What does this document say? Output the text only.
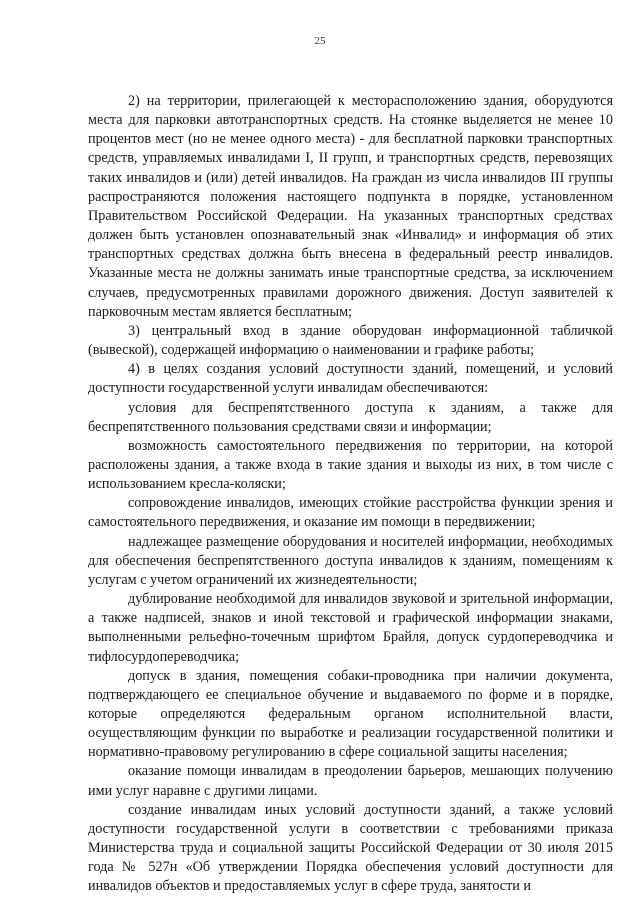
25

2) на территории, прилегающей к месторасположению здания, оборудуются места для парковки автотранспортных средств. На стоянке выделяется не менее 10 процентов мест (но не менее одного места) - для бесплатной парковки транспортных средств, управляемых инвалидами I, II групп, и транспортных средств, перевозящих таких инвалидов и (или) детей инвалидов. На граждан из числа инвалидов III группы распространяются положения настоящего подпункта в порядке, установленном Правительством Российской Федерации. На указанных транспортных средствах должен быть установлен опознавательный знак «Инвалид» и информация об этих транспортных средствах должна быть внесена в федеральный реестр инвалидов. Указанные места не должны занимать иные транспортные средства, за исключением случаев, предусмотренных правилами дорожного движения. Доступ заявителей к парковочным местам является бесплатным;

3) центральный вход в здание оборудован информационной табличкой (вывеской), содержащей информацию о наименовании и графике работы;

4) в целях создания условий доступности зданий, помещений, и условий доступности государственной услуги инвалидам обеспечиваются:

условия для беспрепятственного доступа к зданиям, а также для беспрепятственного пользования средствами связи и информации;

возможность самостоятельного передвижения по территории, на которой расположены здания, а также входа в такие здания и выходы из них, в том числе с использованием кресла-коляски;

сопровождение инвалидов, имеющих стойкие расстройства функции зрения и самостоятельного передвижения, и оказание им помощи в передвижении;

надлежащее размещение оборудования и носителей информации, необходимых для обеспечения беспрепятственного доступа инвалидов к зданиям, помещениям к услугам с учетом ограничений их жизнедеятельности;

дублирование необходимой для инвалидов звуковой и зрительной информации, а также надписей, знаков и иной текстовой и графической информации знаками, выполненными рельефно-точечным шрифтом Брайля, допуск сурдопереводчика и тифлосурдопереводчика;

допуск в здания, помещения собаки-проводника при наличии документа, подтверждающего ее специальное обучение и выдаваемого по форме и в порядке, которые определяются федеральным органом исполнительной власти, осуществляющим функции по выработке и реализации государственной политики и нормативно-правовому регулированию в сфере социальной защиты населения;

оказание помощи инвалидам в преодолении барьеров, мешающих получению ими услуг наравне с другими лицами.

создание инвалидам иных условий доступности зданий, а также условий доступности государственной услуги в соответствии с требованиями приказа Министерства труда и социальной защиты Российской Федерации от 30 июля 2015 года № 527н «Об утверждении Порядка обеспечения условий доступности для инвалидов объектов и предоставляемых услуг в сфере труда, занятости и
